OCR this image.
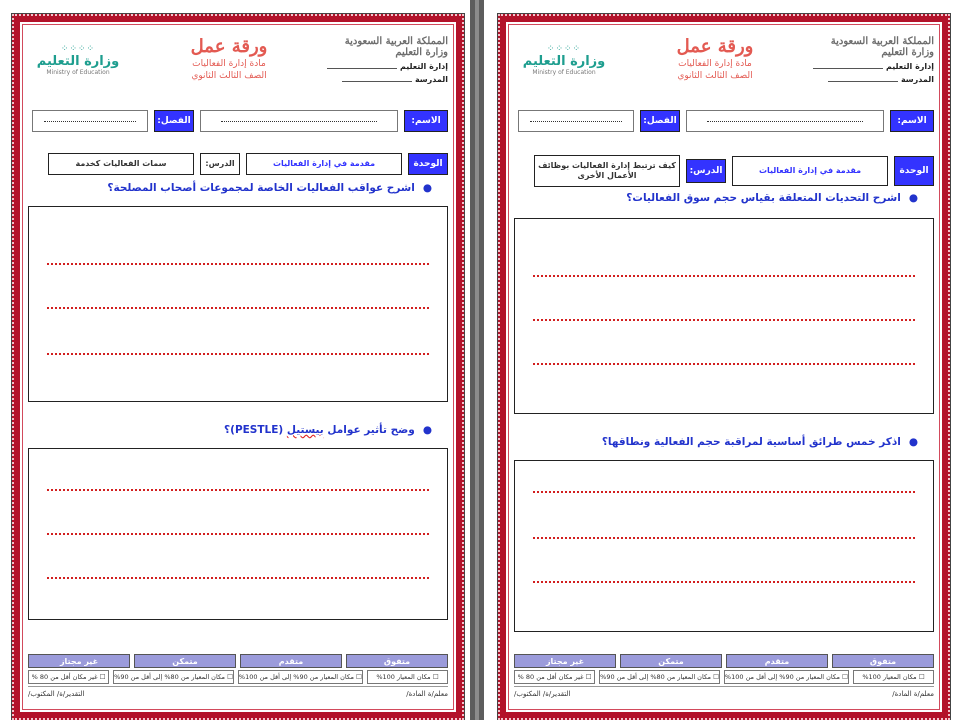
المملكة العربية السعودية
وزارة التعليم
إدارة التعليم
المدرسة
ورقة عمل
مادة إدارة الفعاليات
الصف الثالث الثانوي
⁘⁘⁘⁘
وزارة التعليم
Ministry of Education
الاسم:
الفصل:
الوحدة
مقدمة في إدارة الفعاليات
الدرس:
سمات الفعاليات كخدمة
●اشرح عواقب الفعاليات الخاصة لمجموعات أصحاب المصلحة؟
●وضح تأثير عوامل بيستيل (PESTLE)؟
متفوق
متقدم
متمكن
غير مجتاز
☐ مكان المعيار 100%
☐ مكان المعيار من 90% إلى أقل من 100%
☐ مكان المعيار من 80% إلى أقل من 90%
☐ غير مكان أقل من 80 %
معلم/ة المادة/
التقدير/ة/ المكتوب/
المملكة العربية السعودية
وزارة التعليم
إدارة التعليم
المدرسة
ورقة عمل
مادة إدارة الفعاليات
الصف الثالث الثانوي
⁘⁘⁘⁘
وزارة التعليم
Ministry of Education
الاسم:
الفصل:
الوحدة
مقدمة في إدارة الفعاليات
الدرس:
كيف ترتبط إدارة الفعاليات بوظائف الأعمال الأخرى
●اشرح التحديات المتعلقة بقياس حجم سوق الفعاليات؟
●اذكر خمس طرائق أساسية لمراقبة حجم الفعالية ونطاقها؟
متفوق
متقدم
متمكن
غير مجتاز
☐ مكان المعيار 100%
☐ مكان المعيار من 90% إلى أقل من 100%
☐ مكان المعيار من 80% إلى أقل من 90%
☐ غير مكان أقل من 80 %
معلم/ة المادة/
التقدير/ة/ المكتوب/
